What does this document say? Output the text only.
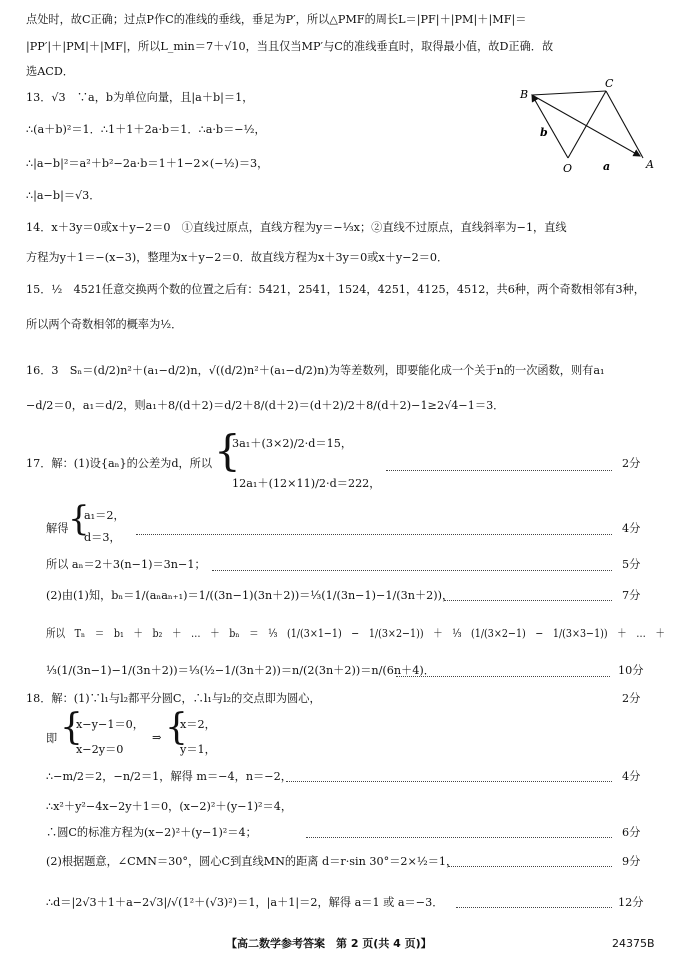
点处时，故C正确；过点P作C的准线的垂线，垂足为P′，所以△PMF的周长L＝|PF|＋|PM|＋|MF|＝
|PP′|＋|PM|＋|MF|，所以L_min＝7＋√10，当且仅当MP′与C的准线垂直时，取得最小值，故D正确．故
选ACD．
13．√3　∵a，b为单位向量，且|a＋b|＝1，
∴(a＋b)²＝1．∴1＋1＋2a·b＝1．∴a·b＝−½，
∴|a−b|²＝a²＋b²−2a·b＝1＋1−2×(−½)＝3，
∴|a−b|＝√3．
B
C
O	A
b
a
14．x＋3y＝0或x＋y−2＝0　①直线过原点，直线方程为y＝−⅓x；②直线不过原点，直线斜率为−1，直线
方程为y＋1＝−(x−3)，整理为x＋y−2＝0．故直线方程为x＋3y＝0或x＋y−2＝0．
15．½　4521任意交换两个数的位置之后有：5421，2541，1524，4251，4125，4512，共6种，两个奇数相邻有3种，
所以两个奇数相邻的概率为½．
16．3　Sₙ＝(d/2)n²＋(a₁−d/2)n，√((d/2)n²＋(a₁−d/2)n)为等差数列，即要能化成一个关于n的一次函数，则有a₁
−d/2＝0，a₁＝d/2，则a₁＋8/(d＋2)＝d/2＋8/(d＋2)＝(d＋2)/2＋8/(d＋2)−1≥2√4−1＝3．
17．解：(1)设{aₙ}的公差为d，所以 {
3a₁＋(3×2)/2·d＝15，
12a₁＋(12×11)/2·d＝222，
2分
解得 {
a₁＝2，
d＝3，
4分
所以 aₙ＝2＋3(n−1)＝3n−1；	5分
(2)由(1)知，bₙ＝1/(aₙaₙ₊₁)＝1/((3n−1)(3n＋2))＝⅓(1/(3n−1)−1/(3n＋2))，	7分
所以　Tₙ　＝　b₁　＋　b₂　＋　…　＋　bₙ　＝　⅓　(1/(3×1−1)　−　1/(3×2−1))　＋　⅓　(1/(3×2−1)　−　1/(3×3−1))　＋　…　＋
⅓(1/(3n−1)−1/(3n＋2))＝⅓(½−1/(3n＋2))＝n/(2(3n＋2))＝n/(6n＋4)．	10分
18．解：(1)∵l₁与l₂都平分圆C，∴l₁与l₂的交点即为圆心，	2分
即 {
x−y−1＝0，
x−2y＝0
⇒ {
x＝2，
y＝1，
∴−m/2＝2，−n/2＝1，解得 m＝−4，n＝−2，	4分
∴x²＋y²−4x−2y＋1＝0，(x−2)²＋(y−1)²＝4，
∴圆C的标准方程为(x−2)²＋(y−1)²＝4；	6分
(2)根据题意，∠CMN＝30°，圆心C到直线MN的距离 d＝r·sin 30°＝2×½＝1，	9分
∴d＝|2√3＋1＋a−2√3|/√(1²＋(√3)²)＝1，|a＋1|＝2，解得 a＝1 或 a＝−3．	12分
【高二数学参考答案　第 2 页(共 4 页)】	24375B
